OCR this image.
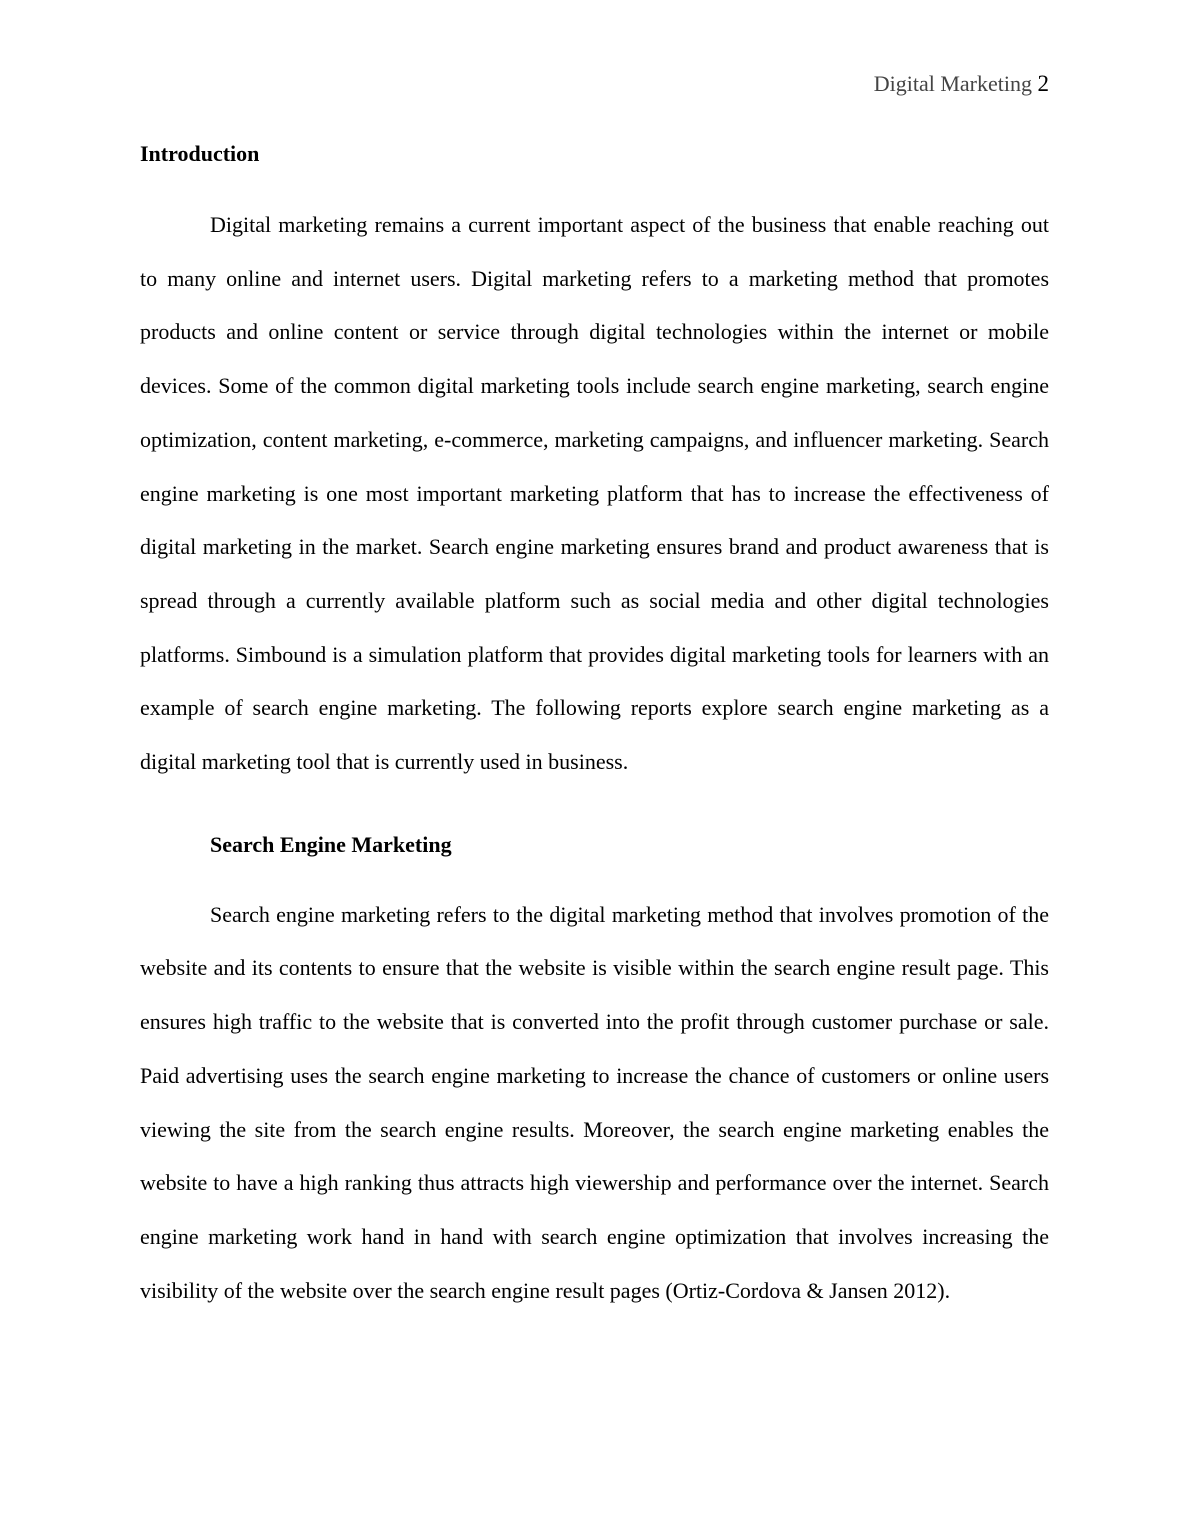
Digital Marketing 2
Introduction

Digital marketing remains a current important aspect of the business that enable reaching out to many online and internet users. Digital marketing refers to a marketing method that promotes products and online content or service through digital technologies within the internet or mobile devices. Some of the common digital marketing tools include search engine marketing, search engine optimization, content marketing, e-commerce, marketing campaigns, and influencer marketing. Search engine marketing is one most important marketing platform that has to increase the effectiveness of digital marketing in the market. Search engine marketing ensures brand and product awareness that is spread through a currently available platform such as social media and other digital technologies platforms. Simbound is a simulation platform that provides digital marketing tools for learners with an example of search engine marketing. The following reports explore search engine marketing as a digital marketing tool that is currently used in business.

Search Engine Marketing

Search engine marketing refers to the digital marketing method that involves promotion of the website and its contents to ensure that the website is visible within the search engine result page. This ensures high traffic to the website that is converted into the profit through customer purchase or sale. Paid advertising uses the search engine marketing to increase the chance of customers or online users viewing the site from the search engine results. Moreover, the search engine marketing enables the website to have a high ranking thus attracts high viewership and performance over the internet. Search engine marketing work hand in hand with search engine optimization that involves increasing the visibility of the website over the search engine result pages (Ortiz-Cordova & Jansen 2012).
